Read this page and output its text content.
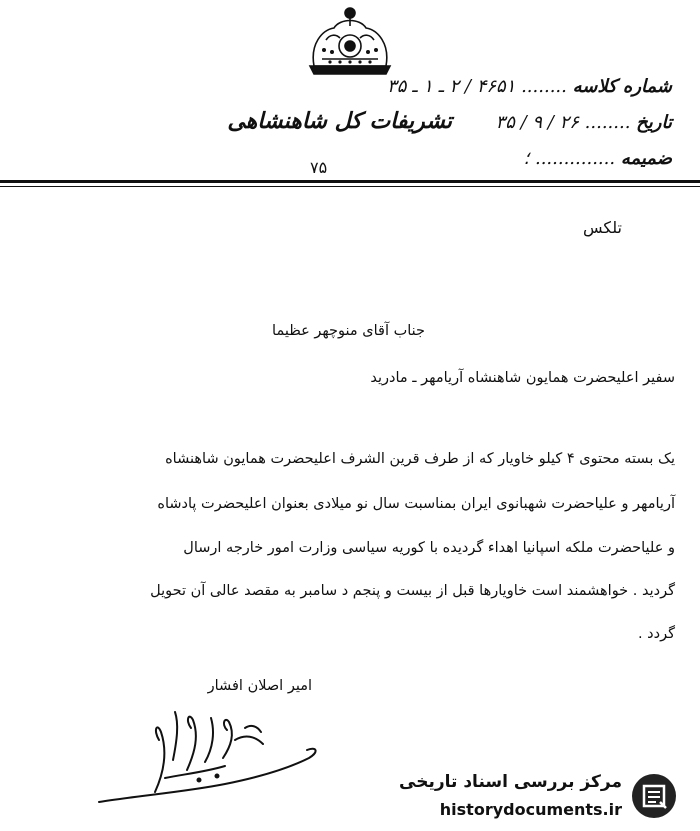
تشریفات کل شاهنشاهی
شماره کلاسه ........ ۴۶۵۱ / ۲ ـ ۱ ـ ۳۵
تاریخ ........ ۲۶ / ۹ / ۳۵
ضمیمه .............. ؛
۷۵
تلکس
جناب آقای منوچهر عظیما
سفیر اعلیحضرت همایون شاهنشاه آریامهر ـ مادرید
یک بسته محتوی ۴ کیلو خاویار که از طرف قرین الشرف اعلیحضرت همایون شاهنشاه
آریامهر و علیاحضرت شهبانوی ایران بمناسبت سال نو میلادی بعنوان اعلیحضرت پادشاه
و علیاحضرت ملکه اسپانیا اهداء گردیده با کوریه سیاسی وزارت امور خارجه ارسال
گردید . خواهشمند است خاویارها قبل از بیست و پنجم د سامبر به مقصد عالی آن تحویل
گردد .
امیر اصلان افشار
مرکز بررسی اسناد تاریخی
historydocuments.ir
